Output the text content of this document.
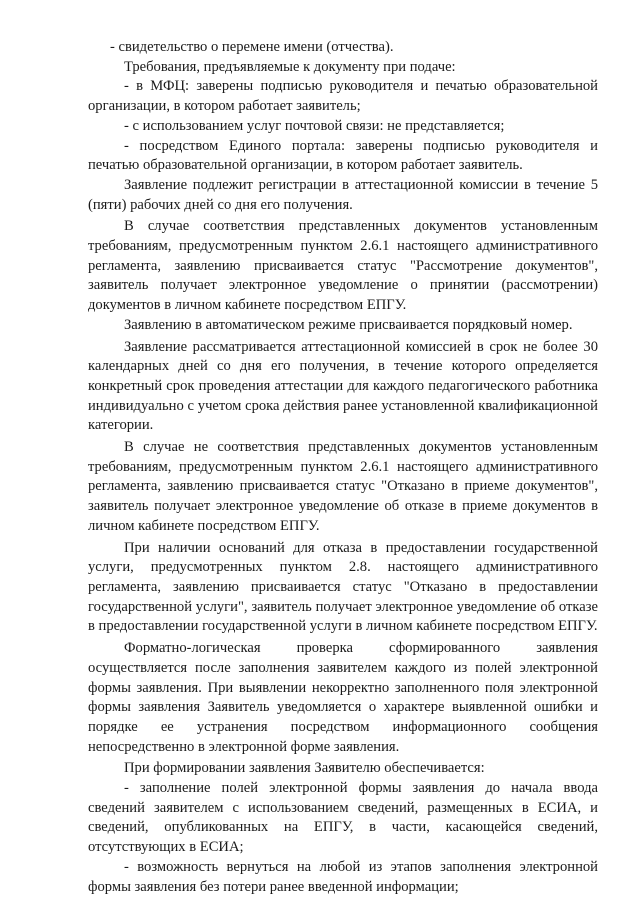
- свидетельство о перемене имени (отчества).

Требования, предъявляемые к документу при подаче:

- в МФЦ: заверены подписью руководителя и печатью образовательной организации, в котором работает заявитель;

- с использованием услуг почтовой связи: не представляется;

- посредством Единого портала: заверены подписью руководителя и печатью образовательной организации, в котором работает заявитель.

Заявление подлежит регистрации в аттестационной комиссии в течение 5 (пяти) рабочих дней со дня его получения.

В случае соответствия представленных документов установленным требованиям, предусмотренным пунктом 2.6.1 настоящего административного регламента, заявлению присваивается статус "Рассмотрение документов", заявитель получает электронное уведомление о принятии (рассмотрении) документов в личном кабинете посредством ЕПГУ.

Заявлению в автоматическом режиме присваивается порядковый номер.

Заявление рассматривается аттестационной комиссией в срок не более 30 календарных дней со дня его получения, в течение которого определяется конкретный срок проведения аттестации для каждого педагогического работника индивидуально с учетом срока действия ранее установленной квалификационной категории.

В случае не соответствия представленных документов установленным требованиям, предусмотренным пунктом 2.6.1 настоящего административного регламента, заявлению присваивается статус "Отказано в приеме документов", заявитель получает электронное уведомление об отказе в приеме документов в личном кабинете посредством ЕПГУ.

При наличии оснований для отказа в предоставлении государственной услуги, предусмотренных пунктом 2.8. настоящего административного регламента, заявлению присваивается статус "Отказано в предоставлении государственной услуги", заявитель получает электронное уведомление об отказе в предоставлении государственной услуги в личном кабинете посредством ЕПГУ.

Форматно-логическая проверка сформированного заявления осуществляется после заполнения заявителем каждого из полей электронной формы заявления. При выявлении некорректно заполненного поля электронной формы заявления Заявитель уведомляется о характере выявленной ошибки и порядке ее устранения посредством информационного сообщения непосредственно в электронной форме заявления.

При формировании заявления Заявителю обеспечивается:

- заполнение полей электронной формы заявления до начала ввода сведений заявителем с использованием сведений, размещенных в ЕСИА, и сведений, опубликованных на ЕПГУ, в части, касающейся сведений, отсутствующих в ЕСИА;

- возможность вернуться на любой из этапов заполнения электронной формы заявления без потери ранее введенной информации;
